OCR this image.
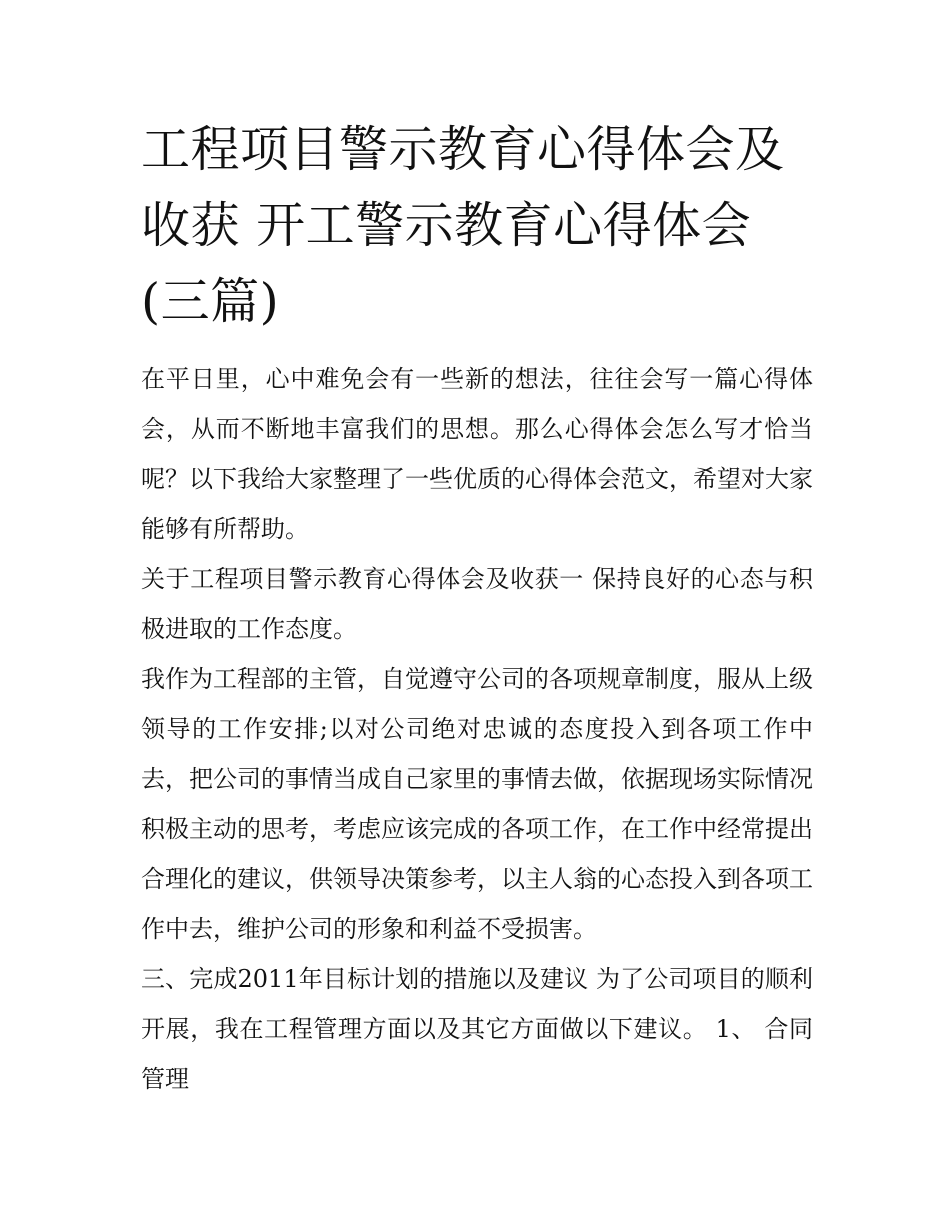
工程项目警示教育心得体会及收获 开工警示教育心得体会(三篇)

在平日里，心中难免会有一些新的想法，往往会写一篇心得体会，从而不断地丰富我们的思想。那么心得体会怎么写才恰当呢？以下我给大家整理了一些优质的心得体会范文，希望对大家能够有所帮助。

关于工程项目警示教育心得体会及收获一 保持良好的心态与积极进取的工作态度。

我作为工程部的主管，自觉遵守公司的各项规章制度，服从上级领导的工作安排;以对公司绝对忠诚的态度投入到各项工作中去，把公司的事情当成自己家里的事情去做，依据现场实际情况积极主动的思考，考虑应该完成的各项工作，在工作中经常提出合理化的建议，供领导决策参考，以主人翁的心态投入到各项工作中去，维护公司的形象和利益不受损害。

三、完成2011年目标计划的措施以及建议 为了公司项目的顺利开展，我在工程管理方面以及其它方面做以下建议。 1、 合同管理
